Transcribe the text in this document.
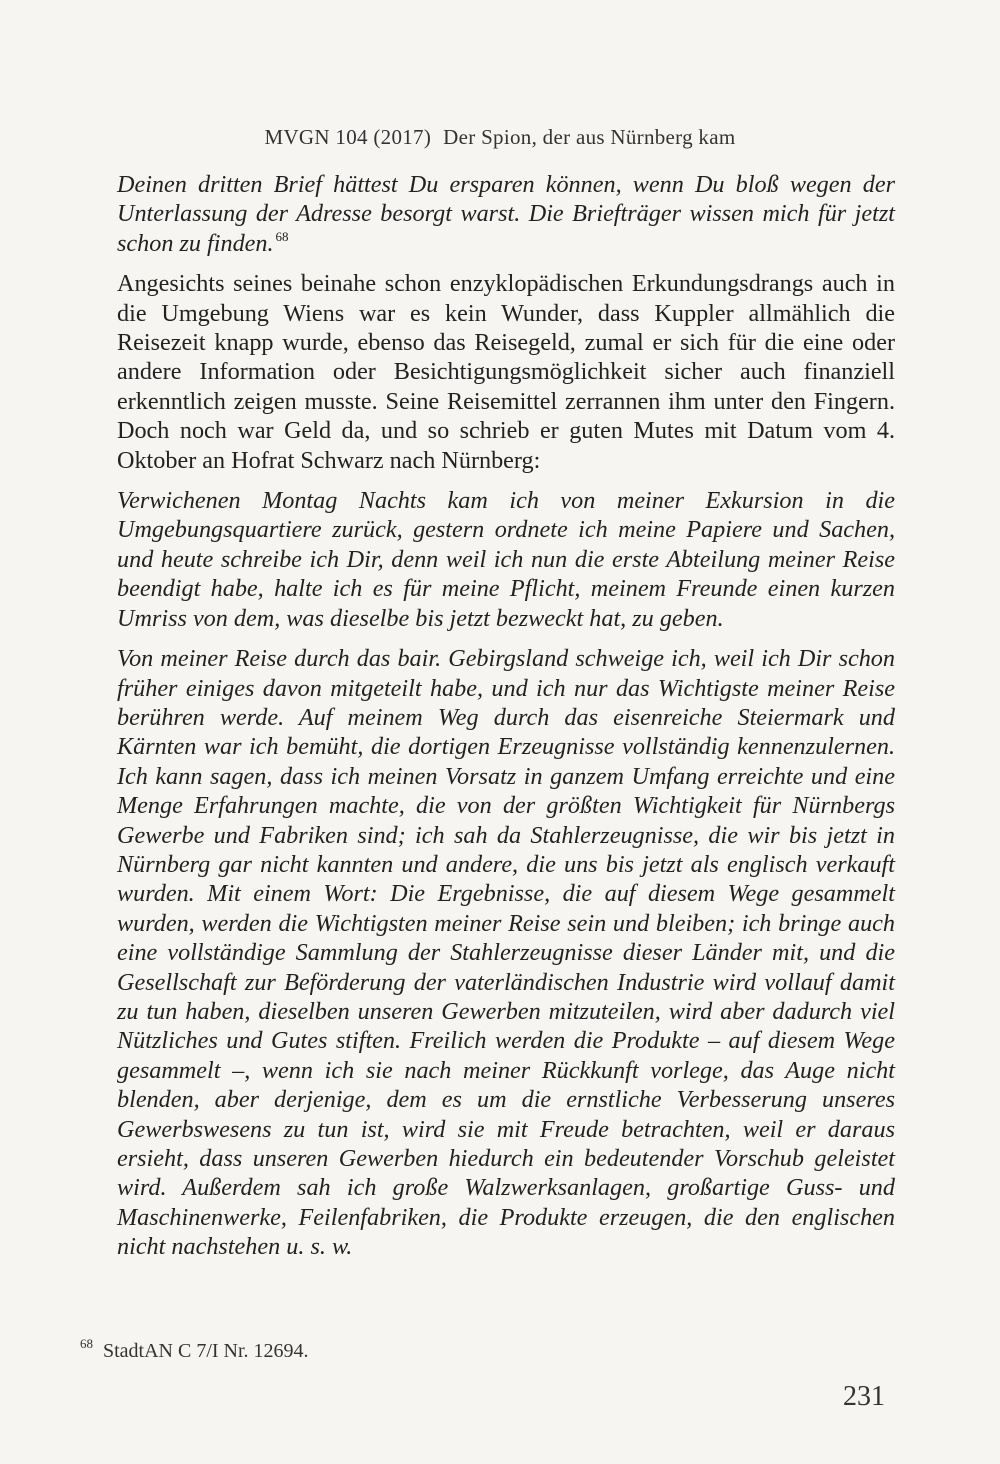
MVGN 104 (2017) Der Spion, der aus Nürnberg kam

Deinen dritten Brief hättest Du ersparen können, wenn Du bloß wegen der Unterlassung der Adresse besorgt warst. Die Briefträger wissen mich für jetzt schon zu finden. $^{68}$

Angesichts seines beinahe schon enzyklopädischen Erkundungsdrangs auch in die Umgebung Wiens war es kein Wunder, dass Kuppler allmählich die Reisezeit knapp wurde, ebenso das Reisegeld, zumal er sich für die eine oder andere Information oder Besichtigungsmöglichkeit sicher auch finanziell erkenntlich zeigen musste. Seine Reisemittel zerrannen ihm unter den Fingern. Doch noch war Geld da, und so schrieb er guten Mutes mit Datum vom 4. Oktober an Hofrat Schwarz nach Nürnberg:

Verwichenen Montag Nachts kam ich von meiner Exkursion in die Umgebungsquartiere zurück, gestern ordnete ich meine Papiere und Sachen, und heute schreibe ich Dir, denn weil ich nun die erste Abteilung meiner Reise beendigt habe, halte ich es für meine Pflicht, meinem Freunde einen kurzen Umriss von dem, was dieselbe bis jetzt bezweckt hat, zu geben.

Von meiner Reise durch das bair. Gebirgsland schweige ich, weil ich Dir schon früher einiges davon mitgeteilt habe, und ich nur das Wichtigste meiner Reise berühren werde. Auf meinem Weg durch das eisenreiche Steiermark und Kärnten war ich bemüht, die dortigen Erzeugnisse vollständig kennenzulernen. Ich kann sagen, dass ich meinen Vorsatz in ganzem Umfang erreichte und eine Menge Erfahrungen machte, die von der größten Wichtigkeit für Nürnbergs Gewerbe und Fabriken sind; ich sah da Stahlerzeugnisse, die wir bis jetzt in Nürnberg gar nicht kannten und andere, die uns bis jetzt als englisch verkauft wurden. Mit einem Wort: Die Ergebnisse, die auf diesem Wege gesammelt wurden, werden die Wichtigsten meiner Reise sein und bleiben; ich bringe auch eine vollständige Sammlung der Stahlerzeugnisse dieser Länder mit, und die Gesellschaft zur Beförderung der vaterländischen Industrie wird vollauf damit zu tun haben, dieselben unseren Gewerben mitzuteilen, wird aber dadurch viel Nützliches und Gutes stiften. Freilich werden die Produkte – auf diesem Wege gesammelt –, wenn ich sie nach meiner Rückkunft vorlege, das Auge nicht blenden, aber derjenige, dem es um die ernstliche Verbesserung unseres Gewerbswesens zu tun ist, wird sie mit Freude betrachten, weil er daraus ersieht, dass unseren Gewerben hiedurch ein bedeutender Vorschub geleistet wird. Außerdem sah ich große Walzwerksanlagen, großartige Guss- und Maschinenwerke, Feilenfabriken, die Produkte erzeugen, die den englischen nicht nachstehen u. s. w.

$^{68}$ StadtAN C 7/I Nr. 12694.
231
